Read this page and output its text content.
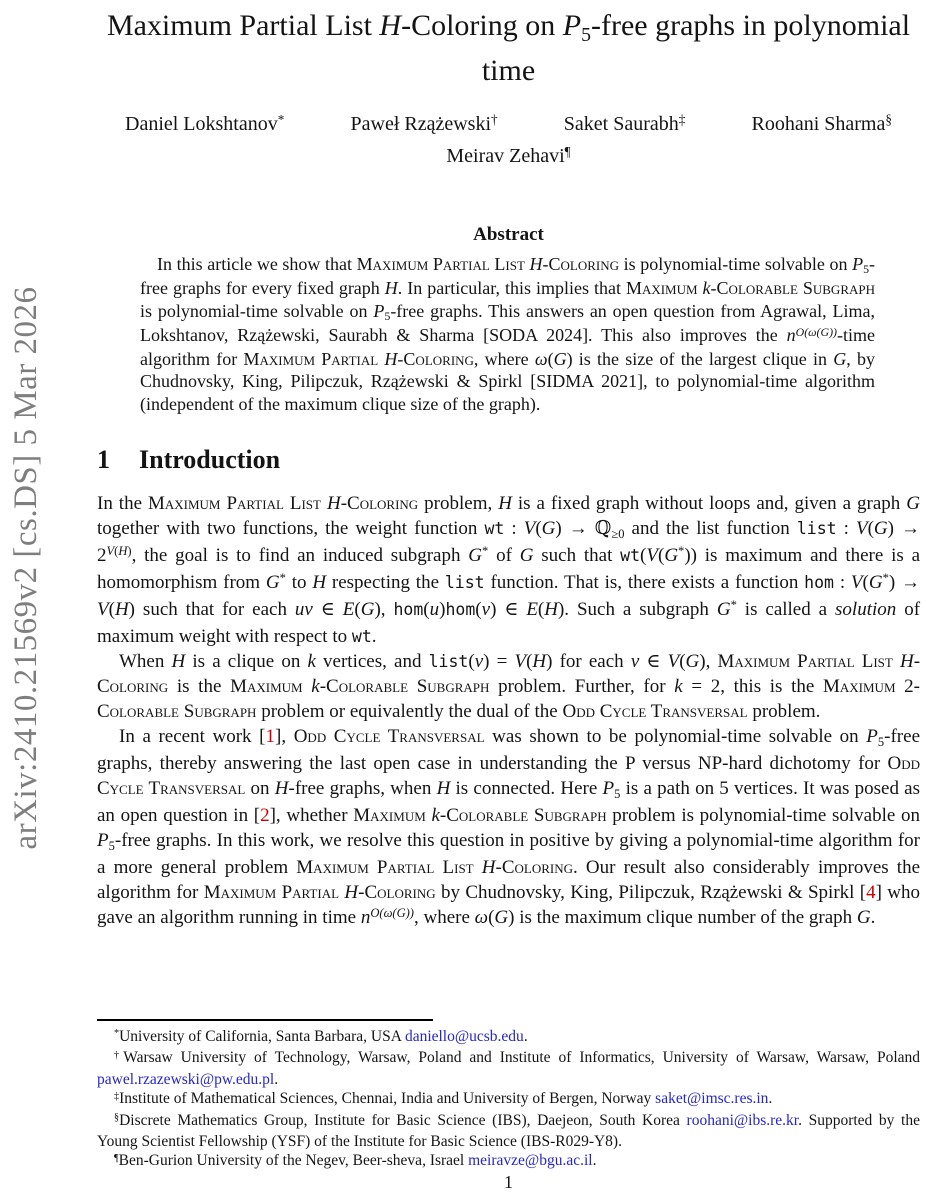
arXiv:2410.21569v2 [cs.DS] 5 Mar 2026
Maximum Partial List H-Coloring on P5-free graphs in polynomial time
Daniel Lokshtanov*	Paweł Rzążewski†	Saket Saurabh‡	Roohani Sharma§
Meirav Zehavi¶
Abstract
In this article we show that Maximum Partial List H-Coloring is polynomial-time solvable on P5-free graphs for every fixed graph H. In particular, this implies that Maximum k-Colorable Subgraph is polynomial-time solvable on P5-free graphs. This answers an open question from Agrawal, Lima, Lokshtanov, Rzążewski, Saurabh & Sharma [SODA 2024]. This also improves the $n^{O(\omega(G))}$-time algorithm for Maximum Partial H-Coloring, where ω(G) is the size of the largest clique in G, by Chudnovsky, King, Pilipczuk, Rzążewski & Spirkl [SIDMA 2021], to polynomial-time algorithm (independent of the maximum clique size of the graph).
1 Introduction

In the Maximum Partial List H-Coloring problem, H is a fixed graph without loops and, given a graph G together with two functions, the weight function wt : V(G) → ℚ≥0 and the list function list : $V(G) \to 2^{V(H)}$, the goal is to find an induced subgraph G* of G such that wt(V(G*)) is maximum and there is a homomorphism from G* to H respecting the list function. That is, there exists a function hom : V(G*) → V(H) such that for each uv ∈ E(G), hom(u)hom(v) ∈ E(H). Such a subgraph G* is called a solution of maximum weight with respect to wt.

When H is a clique on k vertices, and list(v) = V(H) for each v ∈ V(G), Maximum Partial List H-Coloring is the Maximum k-Colorable Subgraph problem. Further, for k = 2, this is the Maximum 2-Colorable Subgraph problem or equivalently the dual of the Odd Cycle Transversal problem.

In a recent work [1], Odd Cycle Transversal was shown to be polynomial-time solvable on P5-free graphs, thereby answering the last open case in understanding the P versus NP-hard dichotomy for Odd Cycle Transversal on H-free graphs, when H is connected. Here P5 is a path on 5 vertices. It was posed as an open question in [2], whether Maximum k-Colorable Subgraph problem is polynomial-time solvable on P5-free graphs. In this work, we resolve this question in positive by giving a polynomial-time algorithm for a more general problem Maximum Partial List H-Coloring. Our result also considerably improves the algorithm for Maximum Partial H-Coloring by Chudnovsky, King, Pilipczuk, Rzążewski & Spirkl [4] who gave an algorithm running in time $n^{O(\omega(G))}$, where ω(G) is the maximum clique number of the graph G.

*University of California, Santa Barbara, USA daniello@ucsb.edu.
†Warsaw University of Technology, Warsaw, Poland and Institute of Informatics, University of Warsaw, Warsaw, Poland pawel.rzazewski@pw.edu.pl.
‡Institute of Mathematical Sciences, Chennai, India and University of Bergen, Norway saket@imsc.res.in.
§Discrete Mathematics Group, Institute for Basic Science (IBS), Daejeon, South Korea roohani@ibs.re.kr. Supported by the Young Scientist Fellowship (YSF) of the Institute for Basic Science (IBS-R029-Y8).
¶Ben-Gurion University of the Negev, Beer-sheva, Israel meiravze@bgu.ac.il.
1
